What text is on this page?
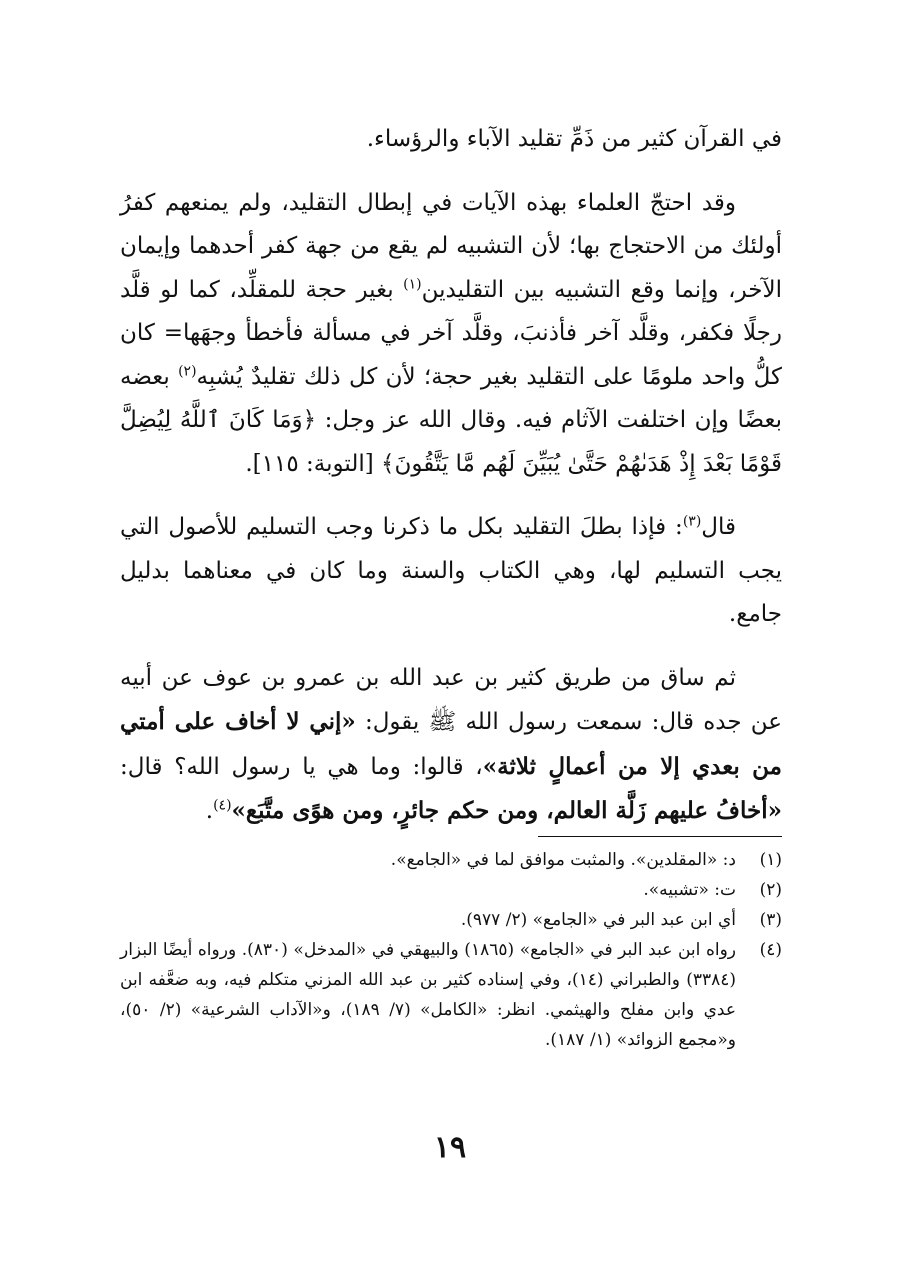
في القرآن كثير من ذَمِّ تقليد الآباء والرؤساء.

وقد احتجّ العلماء بهذه الآيات في إبطال التقليد، ولم يمنعهم كفرُ أولئك من الاحتجاج بها؛ لأن التشبيه لم يقع من جهة كفر أحدهما وإيمان الآخر، وإنما وقع التشبيه بين التقليدين$^{(١)}$ بغير حجة للمقلِّد، كما لو قلَّد رجلًا فكفر، وقلَّد آخر فأذنبَ، وقلَّد آخر في مسألة فأخطأ وجهَها= كان كلُّ واحد ملومًا على التقليد بغير حجة؛ لأن كل ذلك تقليدٌ يُشبِه$^{(٢)}$ بعضه بعضًا وإن اختلفت الآثام فيه. وقال الله عز وجل: ﴿وَمَا كَانَ ٱللَّهُ لِيُضِلَّ قَوْمًا بَعْدَ إِذْ هَدَىٰهُمْ حَتَّىٰ يُبَيِّنَ لَهُم مَّا يَتَّقُونَ﴾ [التوبة: ١١٥].

قال$^{(٣)}$: فإذا بطلَ التقليد بكل ما ذكرنا وجب التسليم للأصول التي يجب التسليم لها، وهي الكتاب والسنة وما كان في معناهما بدليل جامع.

ثم ساق من طريق كثير بن عبد الله بن عمرو بن عوف عن أبيه عن جده قال: سمعت رسول الله ﷺ يقول: «إني لا أخاف على أمتي من بعدي إلا من أعمالٍ ثلاثة»، قالوا: وما هي يا رسول الله؟ قال: «أخافُ عليهم زَلَّة العالم، ومن حكم جائرٍ، ومن هوًى متَّبَع»$^{(٤)}$.

(١)
د: «المقلدين». والمثبت موافق لما في «الجامع».
(٢)
ت: «تشبيه».
(٣)
أي ابن عبد البر في «الجامع» (٢/ ٩٧٧).
(٤)
رواه ابن عبد البر في «الجامع» (١٨٦٥) والبيهقي في «المدخل» (٨٣٠). ورواه أيضًا البزار (٣٣٨٤) والطبراني (١٤)، وفي إسناده كثير بن عبد الله المزني متكلم فيه، وبه ضعَّفه ابن عدي وابن مفلح والهيثمي. انظر: «الكامل» (٧/ ١٨٩)، و«الآداب الشرعية» (٢/ ٥٠)، و«مجمع الزوائد» (١/ ١٨٧).
١٩
